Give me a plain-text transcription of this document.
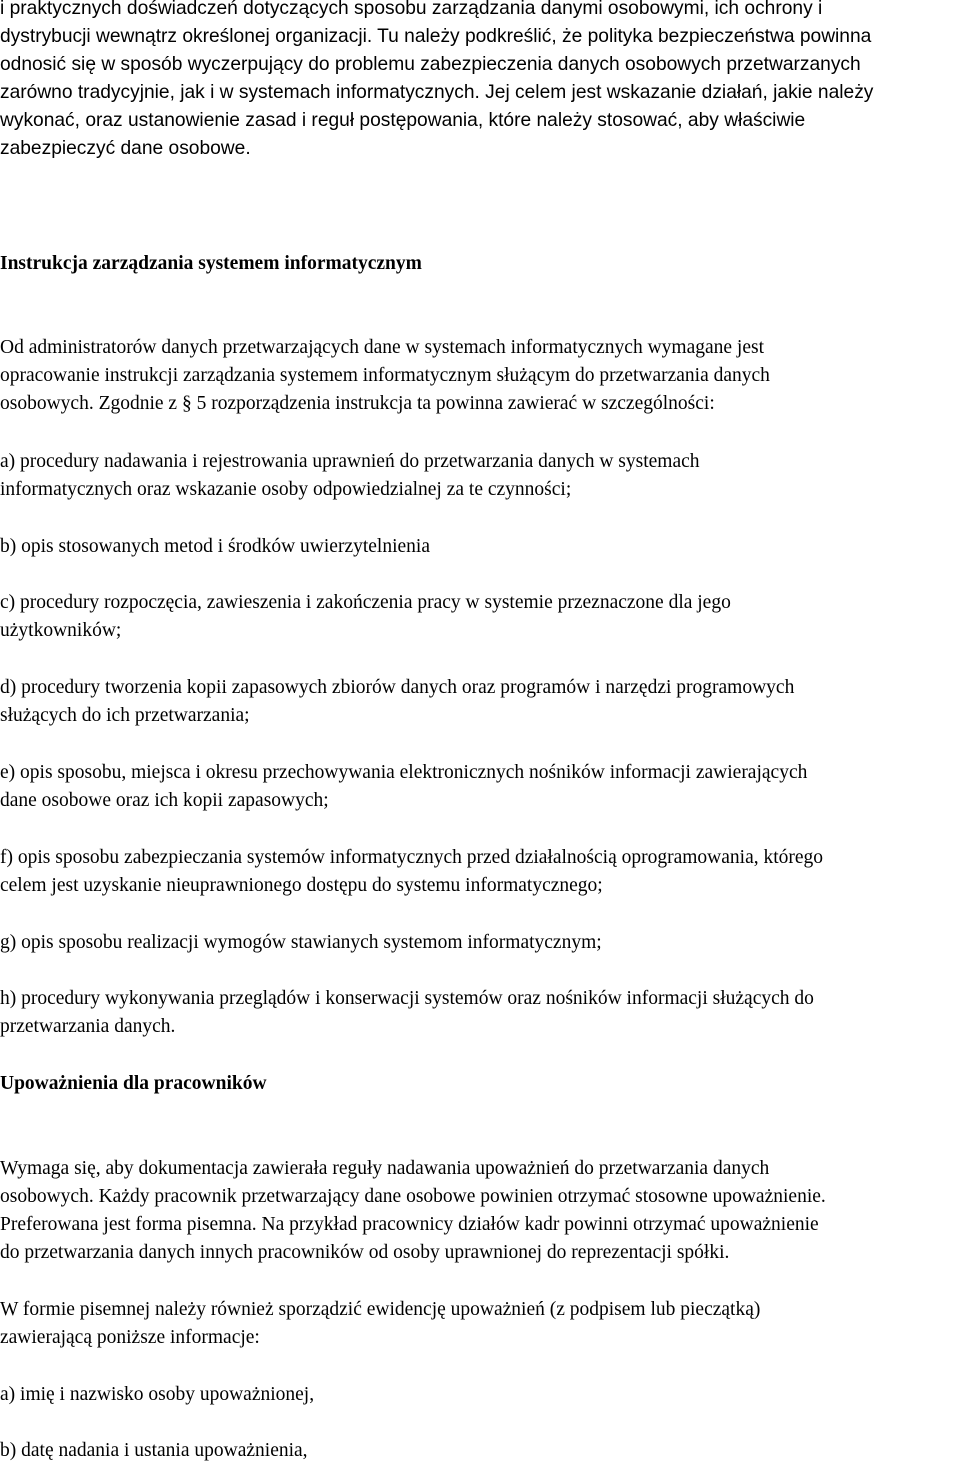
i praktycznych doświadczeń dotyczących sposobu zarządzania danymi osobowymi, ich ochrony i
dystrybucji wewnątrz określonej organizacji. Tu należy podkreślić, że polityka bezpieczeństwa powinna
odnosić się w sposób wyczerpujący do problemu zabezpieczenia danych osobowych przetwarzanych
zarówno tradycyjnie, jak i w systemach informatycznych. Jej celem jest wskazanie działań, jakie należy
wykonać, oraz ustanowienie zasad i reguł postępowania, które należy stosować, aby właściwie
zabezpieczyć dane osobowe.

Instrukcja zarządzania systemem informatycznym

Od administratorów danych przetwarzających dane w systemach informatycznych wymagane jest
opracowanie instrukcji zarządzania systemem informatycznym służącym do przetwarzania danych
osobowych. Zgodnie z § 5 rozporządzenia instrukcja ta powinna zawierać w szczególności:

a) procedury nadawania i rejestrowania uprawnień do przetwarzania danych w systemach
informatycznych oraz wskazanie osoby odpowiedzialnej za te czynności;

b) opis stosowanych metod i środków uwierzytelnienia

c) procedury rozpoczęcia, zawieszenia i zakończenia pracy w systemie przeznaczone dla jego
użytkowników;

d) procedury tworzenia kopii zapasowych zbiorów danych oraz programów i narzędzi programowych
służących do ich przetwarzania;

e) opis sposobu, miejsca i okresu przechowywania elektronicznych nośników informacji zawierających
dane osobowe oraz ich kopii zapasowych;

f) opis sposobu zabezpieczania systemów informatycznych przed działalnością oprogramowania, którego
celem jest uzyskanie nieuprawnionego dostępu do systemu informatycznego;

g) opis sposobu realizacji wymogów stawianych systemom informatycznym;

h) procedury wykonywania przeglądów i konserwacji systemów oraz nośników informacji służących do
przetwarzania danych.

Upoważnienia dla pracowników

Wymaga się, aby dokumentacja zawierała reguły nadawania upoważnień do przetwarzania danych
osobowych. Każdy pracownik przetwarzający dane osobowe powinien otrzymać stosowne upoważnienie.
Preferowana jest forma pisemna. Na przykład pracownicy działów kadr powinni otrzymać upoważnienie
do przetwarzania danych innych pracowników od osoby uprawnionej do reprezentacji spółki.

W formie pisemnej należy również sporządzić ewidencję upoważnień (z podpisem lub pieczątką)
zawierającą poniższe informacje:

a) imię i nazwisko osoby upoważnionej,

b) datę nadania i ustania upoważnienia,
